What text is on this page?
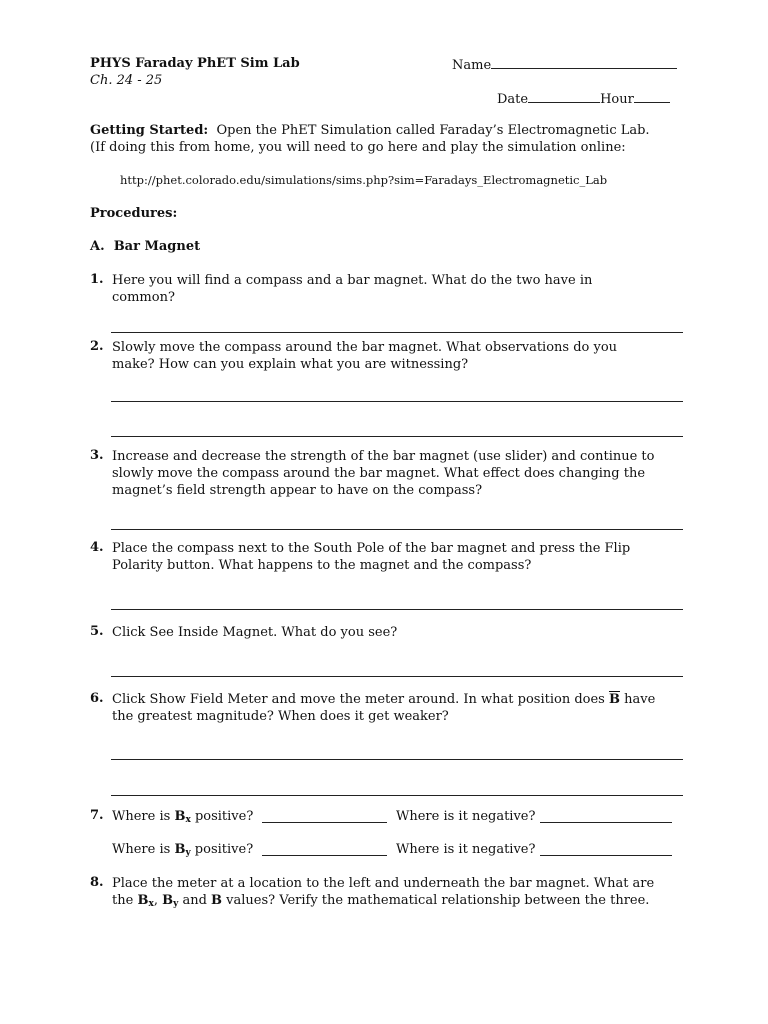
PHYS Faraday PhET Sim Lab
Ch. 24 - 25
Name
Date	Hour
Getting Started: Open the PhET Simulation called Faraday’s Electromagnetic Lab.
(If doing this from home, you will need to go here and play the simulation online:
http://phet.colorado.edu/simulations/sims.php?sim=Faradays_Electromagnetic_Lab
Procedures:
A. Bar Magnet
1. Here you will find a compass and a bar magnet. What do the two have in
common?
2. Slowly move the compass around the bar magnet. What observations do you
make? How can you explain what you are witnessing?
3. Increase and decrease the strength of the bar magnet (use slider) and continue to
slowly move the compass around the bar magnet. What effect does changing the
magnet’s field strength appear to have on the compass?
4. Place the compass next to the South Pole of the bar magnet and press the Flip
Polarity button. What happens to the magnet and the compass?
5. Click See Inside Magnet. What do you see?
6. Click Show Field Meter and move the meter around. In what position does $\overline{B}$ have
the greatest magnitude? When does it get weaker?
7. Where is $B_x$ positive?	Where is it negative?
Where is $B_y$ positive?	Where is it negative?
8. Place the meter at a location to the left and underneath the bar magnet. What are
the $B_x$, $B_y$ and B values? Verify the mathematical relationship between the three.
